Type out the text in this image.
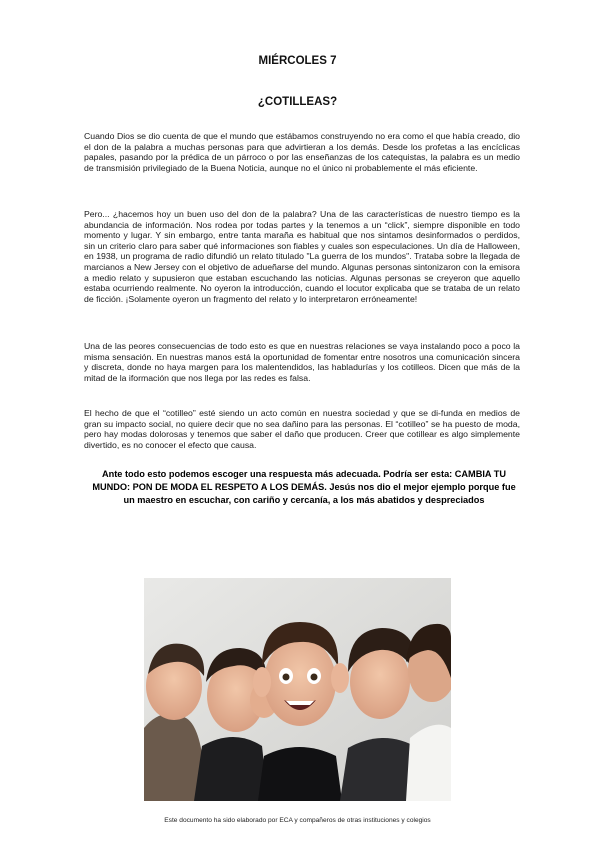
MIÉRCOLES 7
¿COTILLEAS?

Cuando Dios se dio cuenta de que el mundo que estábamos construyendo no era como el que había creado, dio el don de la palabra a muchas personas para que advirtieran a los demás. Desde los profetas a las encíclicas papales, pasando por la prédica de un párroco o por las enseñanzas de los catequistas, la palabra es un medio de transmisión privilegiado de la Buena Noticia, aunque no el único ni probablemente el más eficiente.

Pero... ¿hacemos hoy un buen uso del don de la palabra? Una de las características de nuestro tiempo es la abundancia de información. Nos rodea por todas partes y la tenemos a un “click”, siempre disponible en todo momento y lugar. Y sin embargo, entre tanta maraña es habitual que nos sintamos desinformados o perdidos, sin un criterio claro para saber qué informaciones son fiables y cuales son especulaciones. Un día de Halloween, en 1938, un programa de radio difundió un relato titulado "La guerra de los mundos". Trataba sobre la llegada de marcianos a New Jersey con el objetivo de adueñarse del mundo. Algunas personas sintonizaron con la emisora a medio relato y supusieron que estaban escuchando las noticias. Algunas personas se creyeron que aquello estaba ocurriendo realmente. No oyeron la introducción, cuando el locutor explicaba que se trataba de un relato de ficción. ¡Solamente oyeron un fragmento del relato y lo interpretaron erróneamente!

Una de las peores consecuencias de todo esto es que en nuestras relaciones se vaya instalando poco a poco la misma sensación. En nuestras manos está la oportunidad de fomentar entre nosotros una comunicación sincera y discreta, donde no haya margen para los malentendidos, las habladurías y los cotilleos. Dicen que más de la mitad de la iformación que nos llega por las redes es falsa.

El hecho de que el “cotilleo” esté siendo un acto común en nuestra sociedad y que se di-funda en medios de gran su impacto social, no quiere decir que no sea dañino para las personas. El “cotilleo” se ha puesto de moda, pero hay modas dolorosas y tenemos que saber el daño que producen. Creer que cotillear es algo simplemente divertido, es no conocer el efecto que causa.

Ante todo esto podemos escoger una respuesta más adecuada. Podría ser esta: CAMBIA TU MUNDO: PON DE MODA EL RESPETO A LOS DEMÁS. Jesús nos dio el mejor ejemplo porque fue un maestro en escuchar, con cariño y cercanía, a los más abatidos y despreciados

Este documento ha sido elaborado por ECA y compañeros de otras instituciones y colegios
